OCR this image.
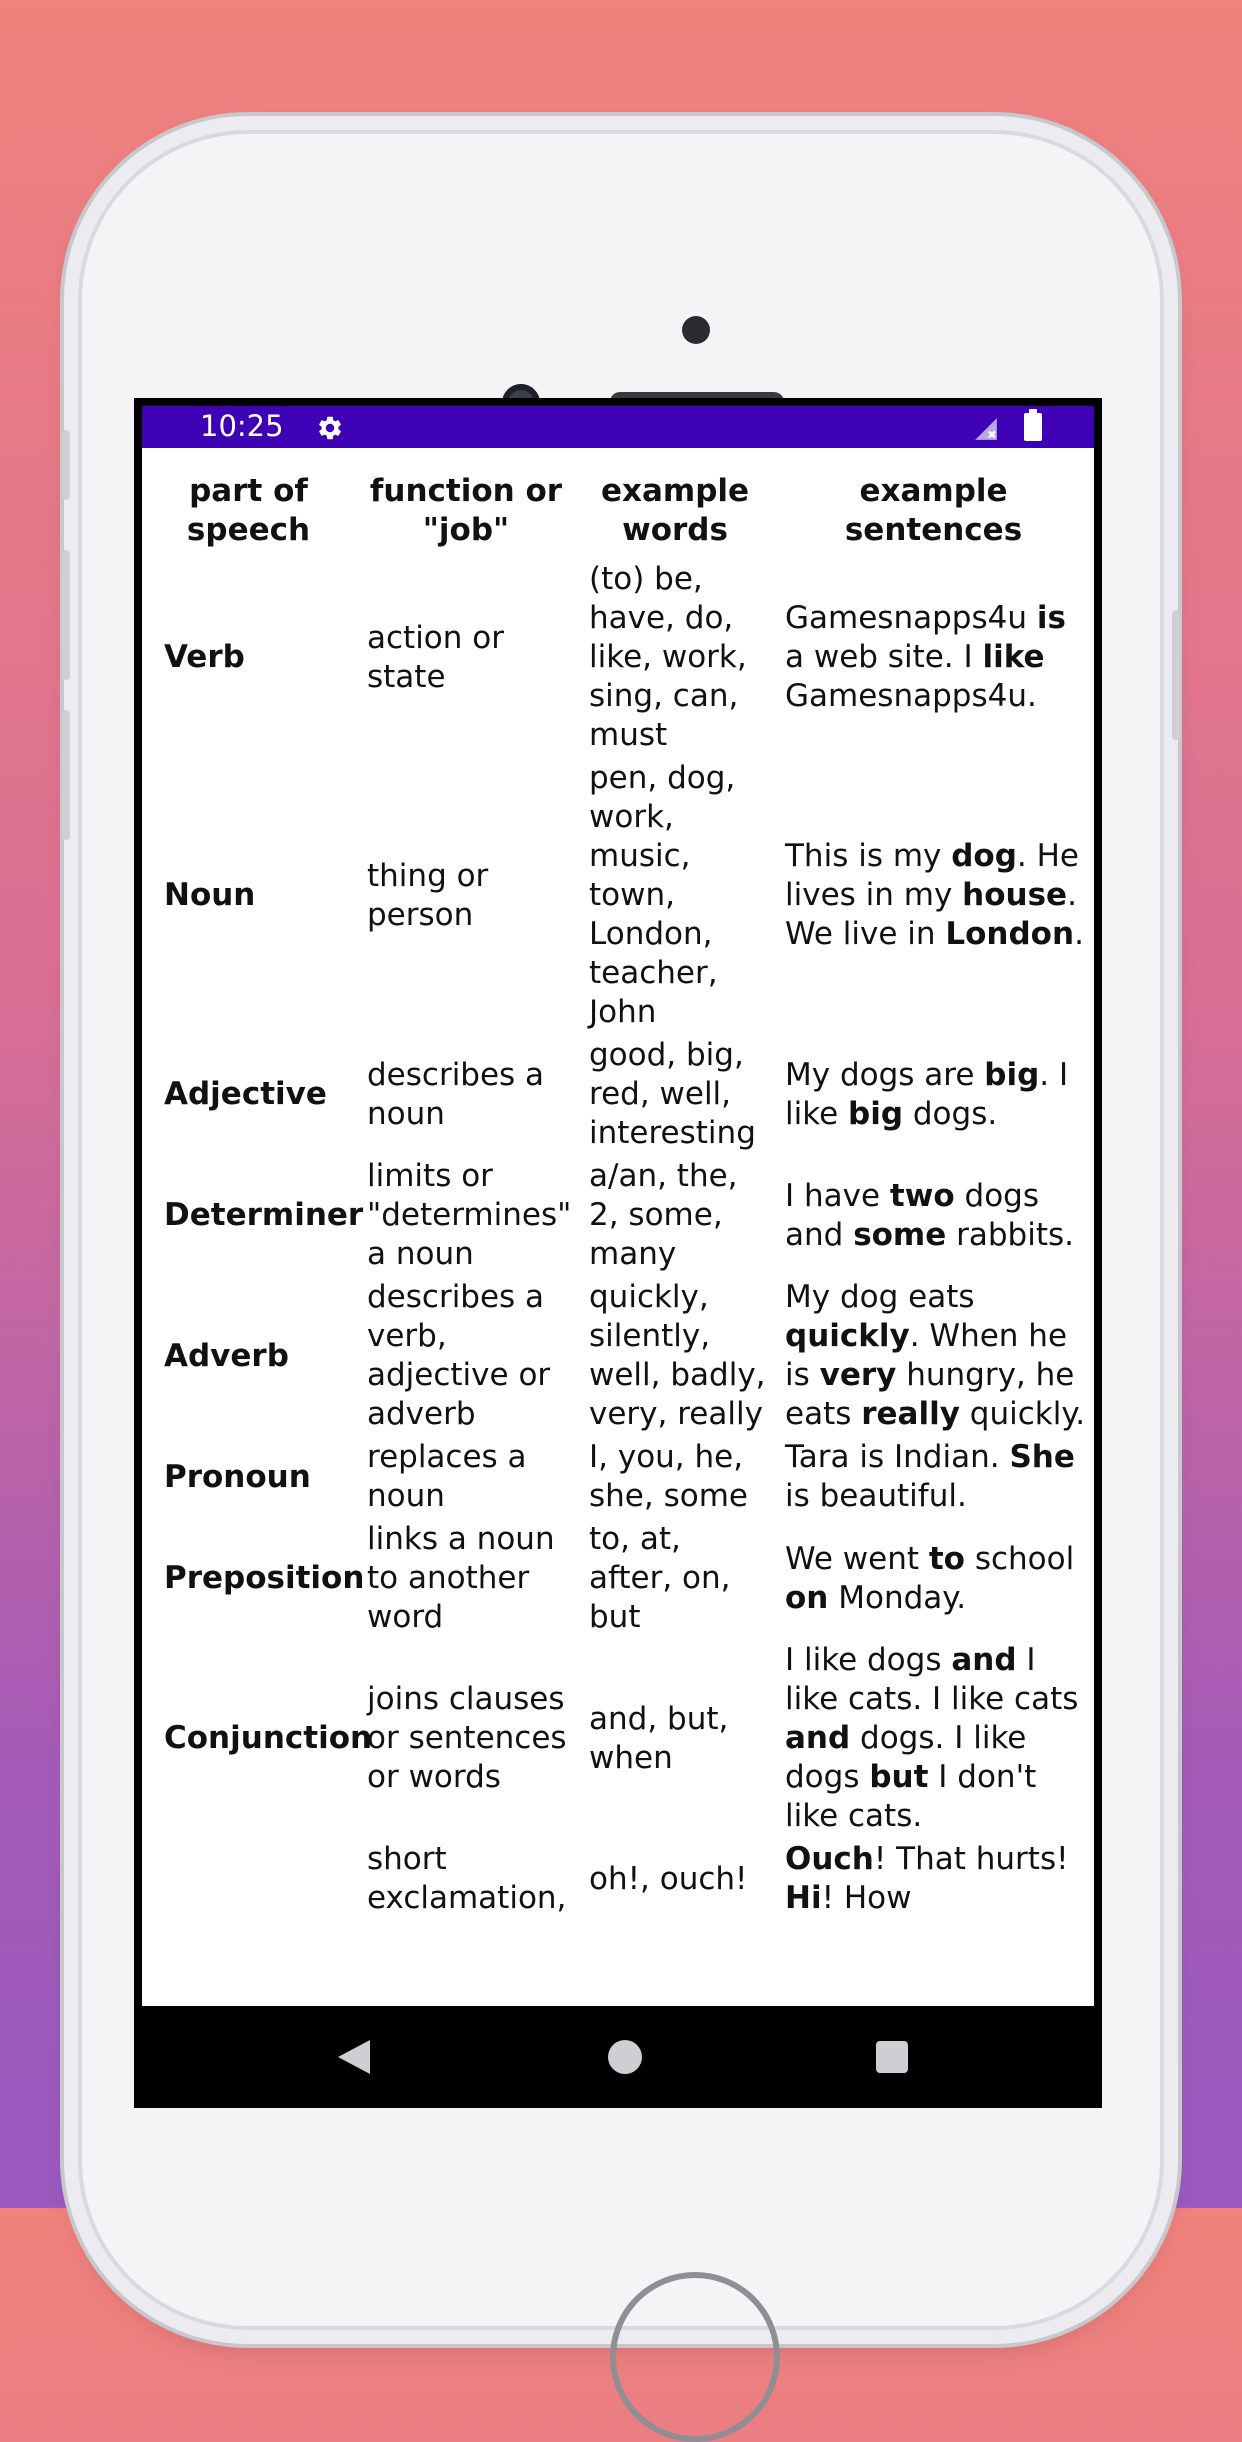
10:25
part of speech	function or "job"	example words	example sentences
Verb	action or state	(to) be, have, do, like, work, sing, can, must	Gamesnapps4u is a web site. I like Gamesnapps4u.
Noun	thing or person	pen, dog, work, music, town, London, teacher, John	This is my dog. He lives in my house. We live in London.
Adjective	describes a noun	good, big, red, well, interesting	My dogs are big. I like big dogs.
Determiner	limits or "determines" a noun	a/an, the, 2, some, many	I have two dogs and some rabbits.
Adverb	describes a verb, adjective or adverb	quickly, silently, well, badly, very, really	My dog eats quickly. When he is very hungry, he eats really quickly.
Pronoun	replaces a noun	I, you, he, she, some	Tara is Indian. She is beautiful.
Preposition	links a noun to another word	to, at, after, on, but	We went to school on Monday.
Conjunction	joins clauses or sentences or words	and, but, when	I like dogs and I like cats. I like cats and dogs. I like dogs but I don't like cats.
	short exclamation,	oh!, ouch!	Ouch! That hurts! Hi! How
